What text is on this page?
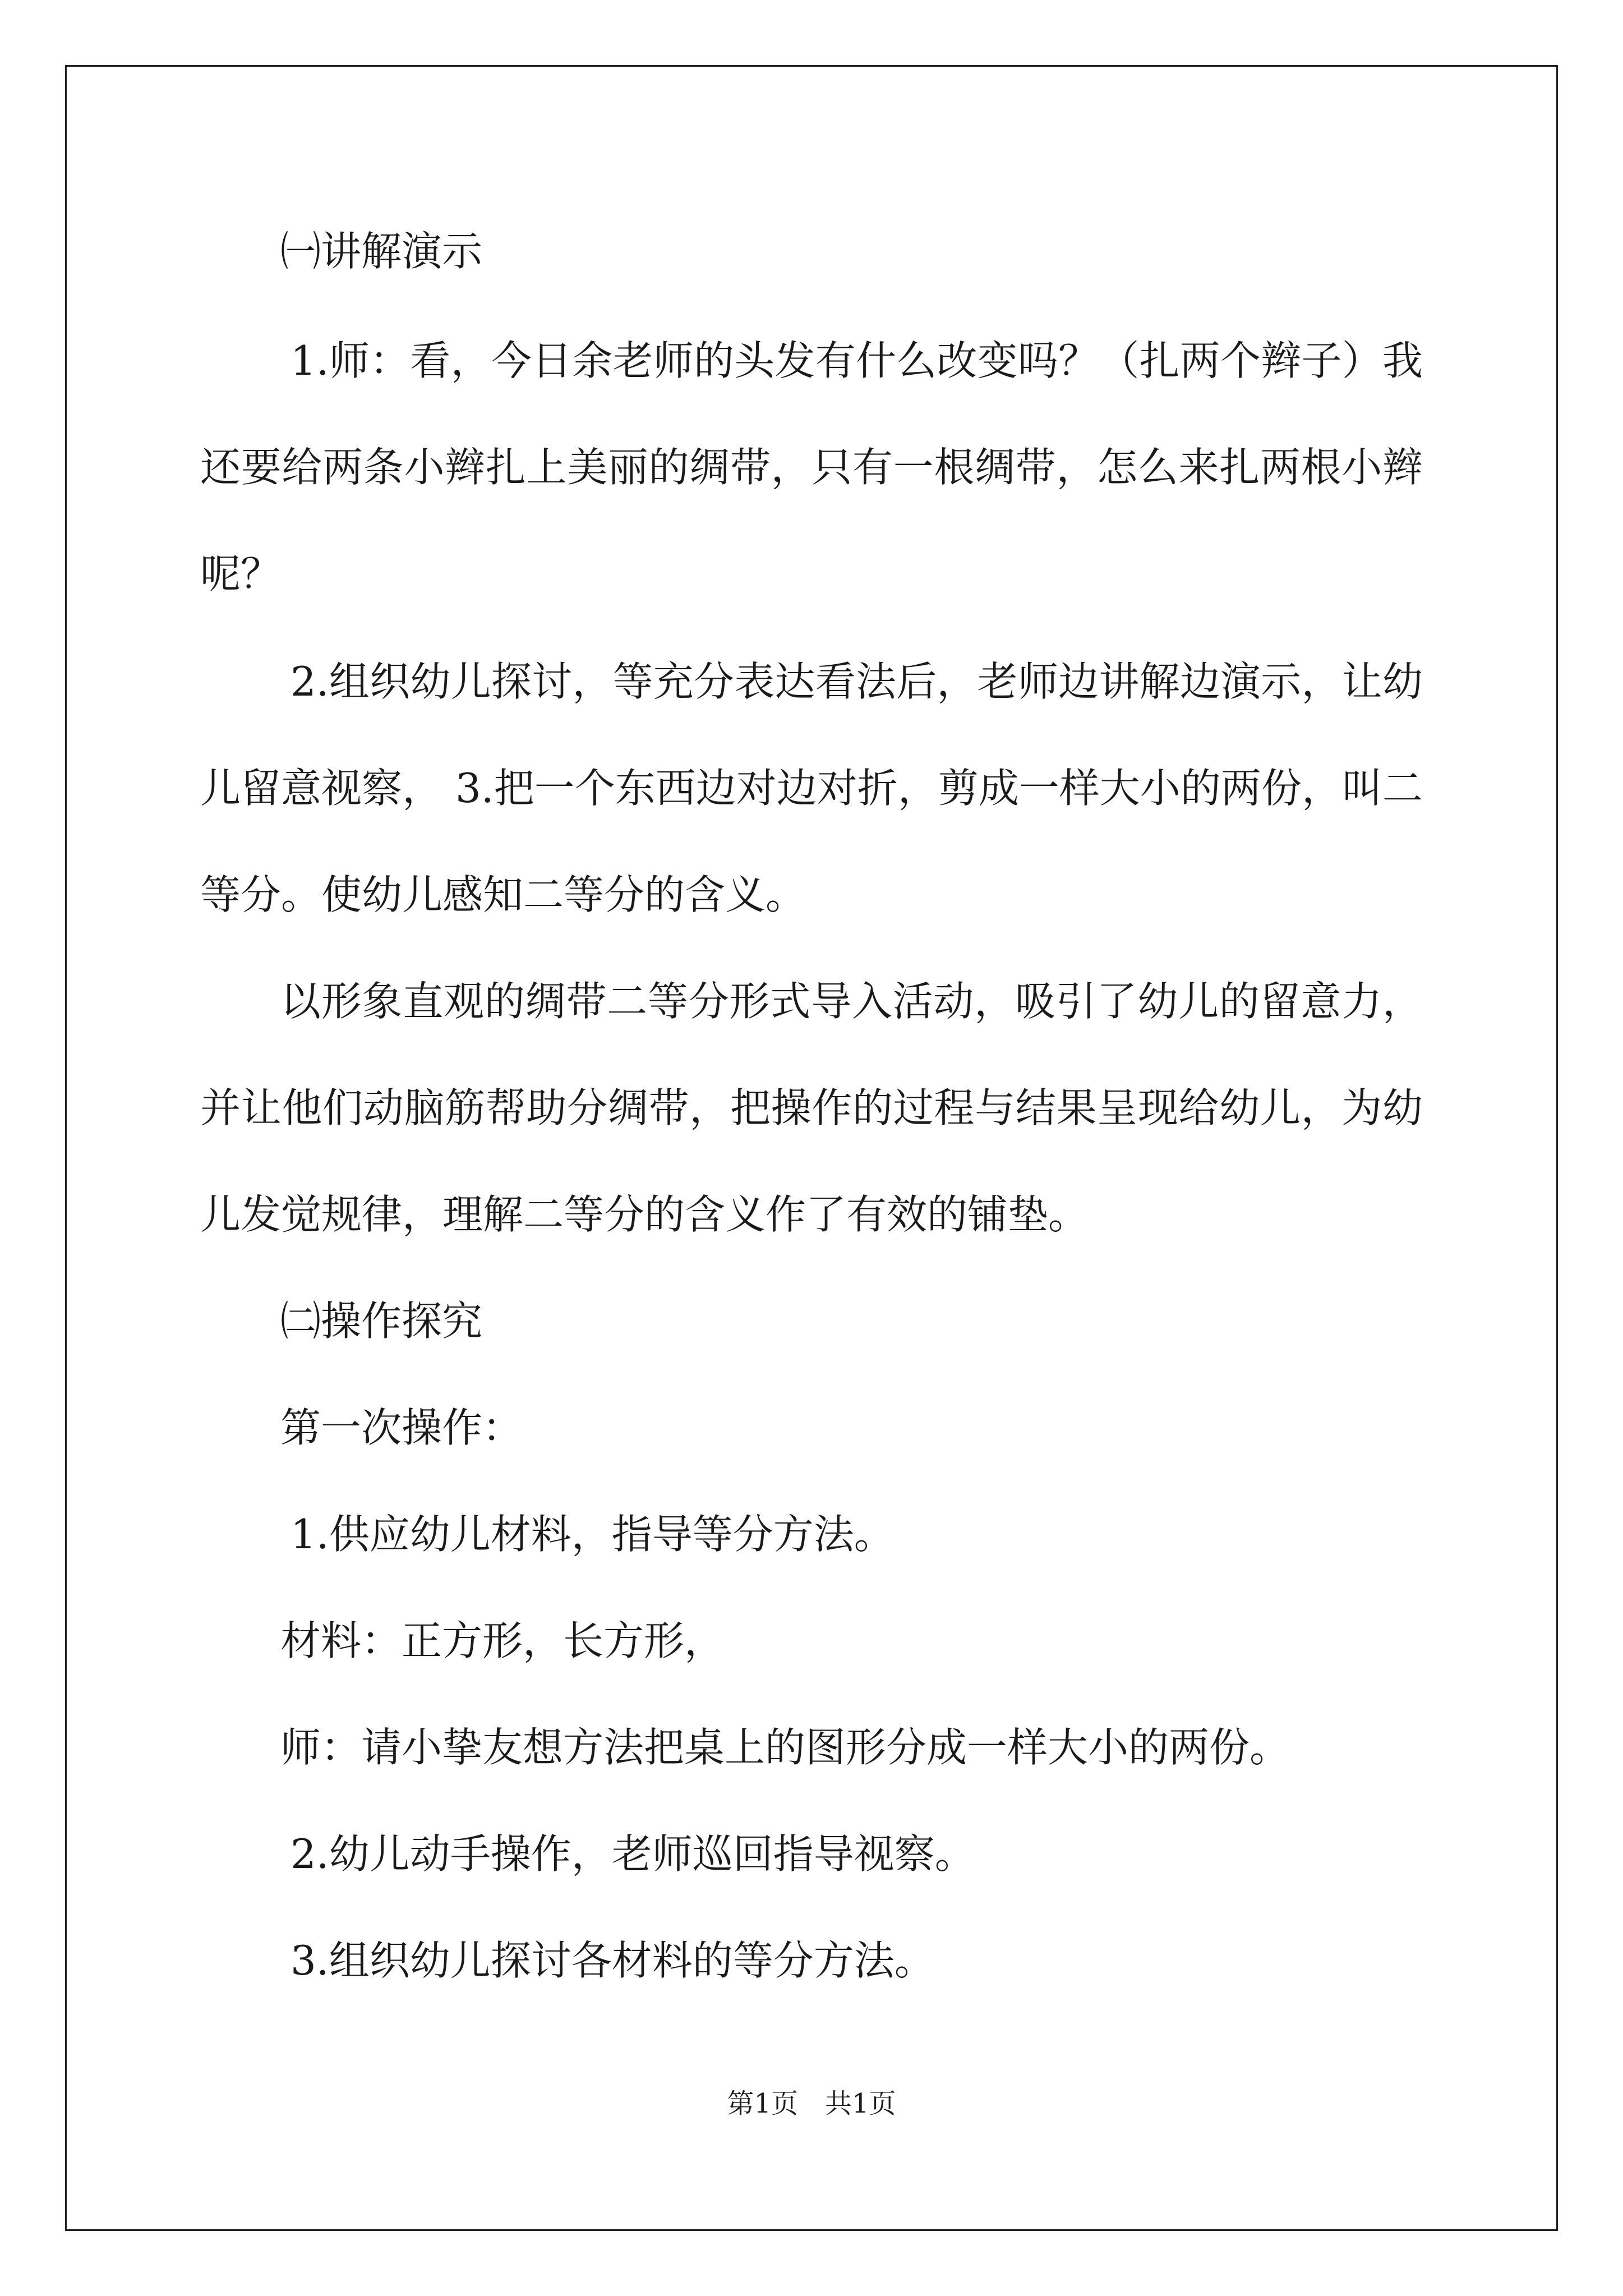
㈠讲解演示
1.师：看，今日余老师的头发有什么改变吗？（扎两个辫子）我
还要给两条小辫扎上美丽的绸带，只有一根绸带，怎么来扎两根小辫
呢？
2.组织幼儿探讨，等充分表达看法后，老师边讲解边演示，让幼
儿留意视察， 3.把一个东西边对边对折，剪成一样大小的两份，叫二
等分。使幼儿感知二等分的含义。
以形象直观的绸带二等分形式导入活动，吸引了幼儿的留意力，
并让他们动脑筋帮助分绸带，把操作的过程与结果呈现给幼儿，为幼
儿发觉规律，理解二等分的含义作了有效的铺垫。
㈡操作探究
第一次操作：
1.供应幼儿材料，指导等分方法。
材料：正方形，长方形，
师：请小挚友想方法把桌上的图形分成一样大小的两份。
2.幼儿动手操作，老师巡回指导视察。
3.组织幼儿探讨各材料的等分方法。
第1页　共1页
